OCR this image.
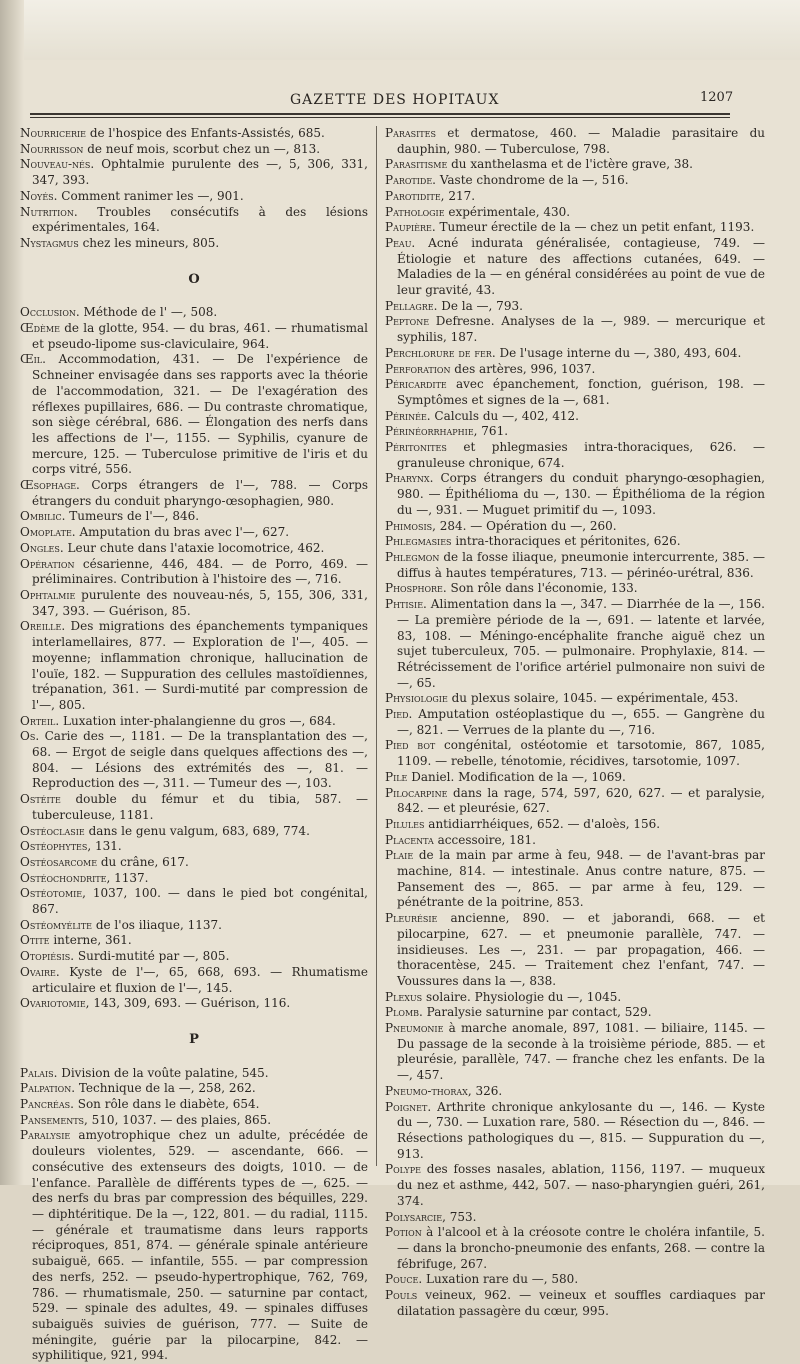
GAZETTE DES HOPITAUX	1207

Nourricerie de l'hospice des Enfants-Assistés, 685.

Nourrisson de neuf mois, scorbut chez un —, 813.

Nouveau-nés. Ophtalmie purulente des —, 5, 306, 331, 347, 393.

Noyés. Comment ranimer les —, 901.

Nutrition. Troubles consécutifs à des lésions expérimentales, 164.

Nystagmus chez les mineurs, 805.

O

Occlusion. Méthode de l' —, 508.

Œdème de la glotte, 954. — du bras, 461. — rhumatismal et pseudo-lipome sus-claviculaire, 964.

Œil. Accommodation, 431. — De l'expérience de Schneiner envisagée dans ses rapports avec la théorie de l'accommodation, 321. — De l'exagération des réflexes pupillaires, 686. — Du contraste chromatique, son siège cérébral, 686. — Élongation des nerfs dans les affections de l'—, 1155. — Syphilis, cyanure de mercure, 125. — Tuberculose primitive de l'iris et du corps vitré, 556.

Œsophage. Corps étrangers de l'—, 788. — Corps étrangers du conduit pharyngo-œsophagien, 980.

Ombilic. Tumeurs de l'—, 846.

Omoplate. Amputation du bras avec l'—, 627.

Ongles. Leur chute dans l'ataxie locomotrice, 462.

Opération césarienne, 446, 484. — de Porro, 469. — préliminaires. Contribution à l'histoire des —, 716.

Ophtalmie purulente des nouveau-nés, 5, 155, 306, 331, 347, 393. — Guérison, 85.

Oreille. Des migrations des épanchements tympaniques interlamellaires, 877. — Exploration de l'—, 405. — moyenne; inflammation chronique, hallucination de l'ouïe, 182. — Suppuration des cellules mastoïdiennes, trépanation, 361. — Surdi-mutité par compression de l'—, 805.

Orteil. Luxation inter-phalangienne du gros —, 684.

Os. Carie des —, 1181. — De la transplantation des —, 68. — Ergot de seigle dans quelques affections des —, 804. — Lésions des extrémités des —, 81. — Reproduction des —, 311. — Tumeur des —, 103.

Ostéite double du fémur et du tibia, 587. — tuberculeuse, 1181.

Ostéoclasie dans le genu valgum, 683, 689, 774.

Ostéophytes, 131.

Ostéosarcome du crâne, 617.

Ostéochondrite, 1137.

Ostéotomie, 1037, 100. — dans le pied bot congénital, 867.

Ostéomyélite de l'os iliaque, 1137.

Otite interne, 361.

Otopiésis. Surdi-mutité par —, 805.

Ovaire. Kyste de l'—, 65, 668, 693. — Rhumatisme articulaire et fluxion de l'—, 145.

Ovariotomie, 143, 309, 693. — Guérison, 116.

P

Palais. Division de la voûte palatine, 545.

Palpation. Technique de la —, 258, 262.

Pancréas. Son rôle dans le diabète, 654.

Pansements, 510, 1037. — des plaies, 865.

Paralysie amyotrophique chez un adulte, précédée de douleurs violentes, 529. — ascendante, 666. — consécutive des extenseurs des doigts, 1010. — de l'enfance. Parallèle de différents types de —, 625. — des nerfs du bras par compression des béquilles, 229. — diphtéritique. De la —, 122, 801. — du radial, 1115. — générale et traumatisme dans leurs rapports réciproques, 851, 874. — générale spinale antérieure subaiguë, 665. — infantile, 555. — par compression des nerfs, 252. — pseudo-hypertrophique, 762, 769, 786. — rhumatismale, 250. — saturnine par contact, 529. — spinale des adultes, 49. — spinales diffuses subaiguës suivies de guérison, 777. — Suite de méningite, guérie par la pilocarpine, 842. — syphilitique, 921, 994.

Parasites et dermatose, 460. — Maladie parasitaire du dauphin, 980. — Tuberculose, 798.

Parasitisme du xanthelasma et de l'ictère grave, 38.

Parotide. Vaste chondrome de la —, 516.

Parotidite, 217.

Pathologie expérimentale, 430.

Paupière. Tumeur érectile de la — chez un petit enfant, 1193.

Peau. Acné indurata généralisée, contagieuse, 749. — Étiologie et nature des affections cutanées, 649. — Maladies de la — en général considérées au point de vue de leur gravité, 43.

Pellagre. De la —, 793.

Peptone Defresne. Analyses de la —, 989. — mercurique et syphilis, 187.

Perchlorure de fer. De l'usage interne du —, 380, 493, 604.

Perforation des artères, 996, 1037.

Péricardite avec épanchement, fonction, guérison, 198. — Symptômes et signes de la —, 681.

Périnée. Calculs du —, 402, 412.

Périnéorrhaphie, 761.

Péritonites et phlegmasies intra-thoraciques, 626. — granuleuse chronique, 674.

Pharynx. Corps étrangers du conduit pharyngo-œsophagien, 980. — Épithélioma du —, 130. — Épithélioma de la région du —, 931. — Muguet primitif du —, 1093.

Phimosis, 284. — Opération du —, 260.

Phlegmasies intra-thoraciques et péritonites, 626.

Phlegmon de la fosse iliaque, pneumonie intercurrente, 385. — diffus à hautes températures, 713. — périnéo-urétral, 836.

Phosphore. Son rôle dans l'économie, 133.

Phtisie. Alimentation dans la —, 347. — Diarrhée de la —, 156. — La première période de la —, 691. — latente et larvée, 83, 108. — Méningo-encéphalite franche aiguë chez un sujet tuberculeux, 705. — pulmonaire. Prophylaxie, 814. — Rétrécissement de l'orifice artériel pulmonaire non suivi de —, 65.

Physiologie du plexus solaire, 1045. — expérimentale, 453.

Pied. Amputation ostéoplastique du —, 655. — Gangrène du —, 821. — Verrues de la plante du —, 716.

Pied bot congénital, ostéotomie et tarsotomie, 867, 1085, 1109. — rebelle, ténotomie, récidives, tarsotomie, 1097.

Pile Daniel. Modification de la —, 1069.

Pilocarpine dans la rage, 574, 597, 620, 627. — et paralysie, 842. — et pleurésie, 627.

Pilules antidiarrhéiques, 652. — d'aloès, 156.

Placenta accessoire, 181.

Plaie de la main par arme à feu, 948. — de l'avant-bras par machine, 814. — intestinale. Anus contre nature, 875. — Pansement des —, 865. — par arme à feu, 129. — pénétrante de la poitrine, 853.

Pleurésie ancienne, 890. — et jaborandi, 668. — et pilocarpine, 627. — et pneumonie parallèle, 747. — insidieuses. Les —, 231. — par propagation, 466. — thoracentèse, 245. — Traitement chez l'enfant, 747. — Voussures dans la —, 838.

Plexus solaire. Physiologie du —, 1045.

Plomb. Paralysie saturnine par contact, 529.

Pneumonie à marche anomale, 897, 1081. — biliaire, 1145. — Du passage de la seconde à la troisième période, 885. — et pleurésie, parallèle, 747. — franche chez les enfants. De la —, 457.

Pneumo-thorax, 326.

Poignet. Arthrite chronique ankylosante du —, 146. — Kyste du —, 730. — Luxation rare, 580. — Résection du —, 846. — Résections pathologiques du —, 815. — Suppuration du —, 913.

Polype des fosses nasales, ablation, 1156, 1197. — muqueux du nez et asthme, 442, 507. — naso-pharyngien guéri, 261, 374.

Polysarcie, 753.

Potion à l'alcool et à la créosote contre le choléra infantile, 5. — dans la broncho-pneumonie des enfants, 268. — contre la fébrifuge, 267.

Pouce. Luxation rare du —, 580.

Pouls veineux, 962. — veineux et souffles cardiaques par dilatation passagère du cœur, 995.
